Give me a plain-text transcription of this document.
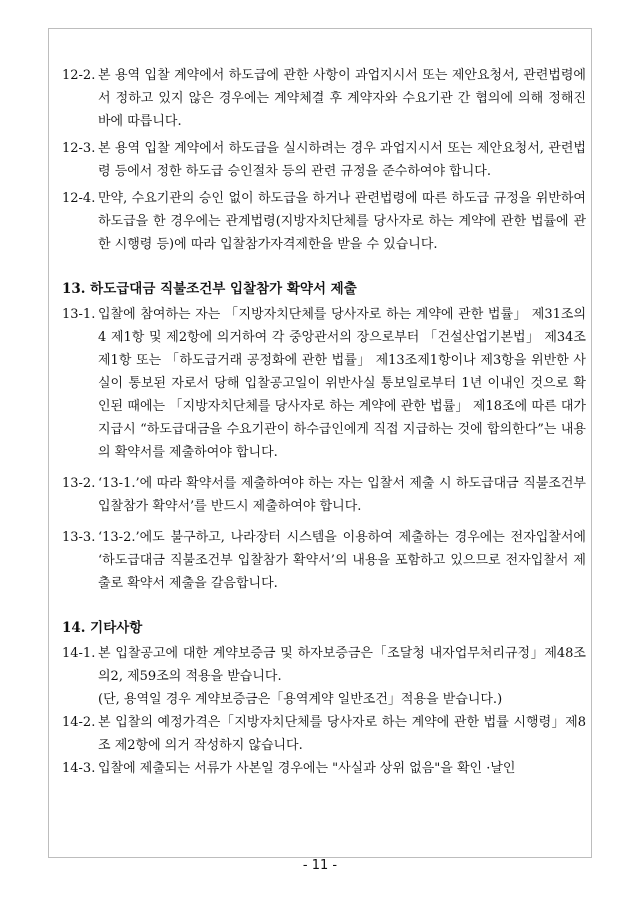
12-2. 본 용역 입찰 계약에서 하도급에 관한 사항이 과업지시서 또는 제안요청서, 관련법령에서 정하고 있지 않은 경우에는 계약체결 후 계약자와 수요기관 간 협의에 의해 정해진 바에 따릅니다.
12-3. 본 용역 입찰 계약에서 하도급을 실시하려는 경우 과업지시서 또는 제안요청서, 관련법령 등에서 정한 하도급 승인절차 등의 관련 규정을 준수하여야 합니다.
12-4. 만약, 수요기관의 승인 없이 하도급을 하거나 관련법령에 따른 하도급 규정을 위반하여 하도급을 한 경우에는 관계법령(지방자치단체를 당사자로 하는 계약에 관한 법률에 관한 시행령 등)에 따라 입찰참가자격제한을 받을 수 있습니다.
13. 하도급대금 직불조건부 입찰참가 확약서 제출
13-1. 입찰에 참여하는 자는 「지방자치단체를 당사자로 하는 계약에 관한 법률」 제31조의4 제1항 및 제2항에 의거하여 각 중앙관서의 장으로부터 「건설산업기본법」 제34조제1항 또는 「하도급거래 공정화에 관한 법률」 제13조제1항이나 제3항을 위반한 사실이 통보된 자로서 당해 입찰공고일이 위반사실 통보일로부터 1년 이내인 것으로 확인된 때에는 「지방자치단체를 당사자로 하는 계약에 관한 법률」 제18조에 따른 대가 지급시 “하도급대금을 수요기관이 하수급인에게 직접 지급하는 것에 합의한다”는 내용의 확약서를 제출하여야 합니다.
13-2. ‘13-1.’에 따라 확약서를 제출하여야 하는 자는 입찰서 제출 시 하도급대금 직불조건부 입찰참가 확약서’를 반드시 제출하여야 합니다.
13-3. ‘13-2.’에도 불구하고, 나라장터 시스템을 이용하여 제출하는 경우에는 전자입찰서에 ‘하도급대금 직불조건부 입찰참가 확약서’의 내용을 포함하고 있으므로 전자입찰서 제출로 확약서 제출을 갈음합니다.
14. 기타사항
14-1. 본 입찰공고에 대한 계약보증금 및 하자보증금은「조달청 내자업무처리규정」제48조의2, 제59조의 적용을 받습니다.
(단, 용역일 경우 계약보증금은「용역계약 일반조건」적용을 받습니다.)
14-2. 본 입찰의 예정가격은「지방자치단체를 당사자로 하는 계약에 관한 법률 시행령」제8조 제2항에 의거 작성하지 않습니다.
14-3. 입찰에 제출되는 서류가 사본일 경우에는 "사실과 상위 없음"을 확인 ·날인
- 11 -
